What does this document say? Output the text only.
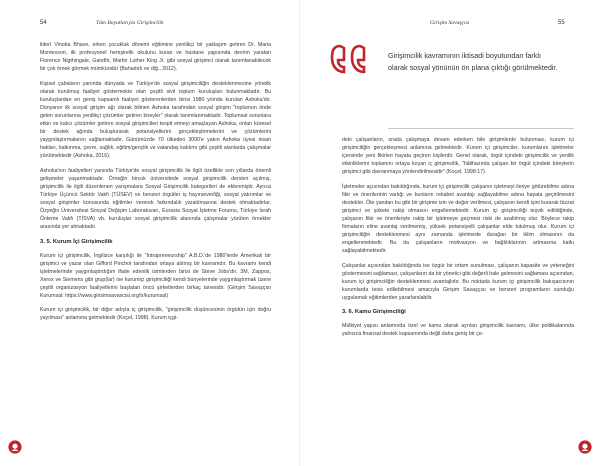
54	Tüm Boyutlarıyla Girişimcilik

liderí Vinoba Bhave, erken çocukluk dönemi eğitimine yenilikçi bir yaklaşım getiren Dr. Maria Montessori, ilk profesyonel hemşirelik okulunu kuran ve hastane yapısında devrim yaratan Florence Nigthingale, Gandhi, Martin Luther King Jr. gibi sosyal girişimci olarak tanımlanabilecek bir çok örnek görmek mümkündür (Bahadırlı ve diğ., 2012).

Kişisel çabaların yanında dünyada ve Türkiye'de sosyal girişimciliğin desteklenmesine yönelik olarak kurulmuş faaliyet göstermekte olan çeşitli sivil toplum kuruluşları bulunmaktadır. Bu kuruluşlardan en geniş kapsamlı faaliyet gösterenlerden birisi 1980 yılında kurulan Ashoka'dır. Dünyanın ilk sosyal girişim ağı olarak bilinen Ashoka tarafından sosyal girişim "toplumun önde gelen sorunlarına yenilikçi çözümler getiren bireyler" olarak tanımlanmaktadır. Toplumsal sorunlara etkin ve kalıcı çözümler getiren sosyal girişimcileri tespit etmeyi amaçlayan Ashoka, onları küresel bir destek ağında buluşturarak potansiyellerini gerçekleştirmelerini ve çözümlerini yaygınlaştırmalarını sağlamaktadır. Günümüzde 70 ülkeden 3000'e yakın Ashoka üyesi insan hakları, katkınma, çevre, sağlık, eğitim/gençlik ve vatandaş katılımı gibi çeşitli alanlarda çalışmalar yürütmektedir (Ashoka, 2016).

Ashoka'nın faaliyetleri yanında Türkiye'de sosyal girişimcilik ile ilgili özellikle son yıllarda önemli gelişmeler yaşanmaktadır. Örneğin bircok üniversitede sosyal girişimcilik dersleri açılmış, girişimcilik ile ilgili düzenlenen yarışmalara Sosyal Girişimcilik kategorileri de eklenmiştir. Ayrıca Türkiye Üçüncü Sektör Vakfı (TÜSEV) ve benzeri örgütler iş hayırseverliği, sosyal yatırımlar ve sosyal girişimler konusunda eğitimler vererek farkındalık yaratılmasına destek olmaktadırlar. Özyeğin Üniversitesi Sosyal Değişim Laboratuvarı, Eurasia Sosyal İşletme Forumu, Türkiye İsrafı Önleme Vakfı (TİSVA) vb. kuruluşlar sosyal girişimcilik alanında çalışmalar yürüten örnekler arasında yer almaktadır.

3. 5. Kurum İçi Girişimcilik

Kurum içi girişimcilik, İngilizce karşılığı ile "Intrapreneurship" A.B.D.'de 1980'lerde Amerikalı bir girişimci ve yazar olan Gifford Pinchot tarafından ortaya atılmış bir kavramdır. Bu kavramı kendi işletmelerinde yaygınlaştırdığım ifade edenilk isimlerden birisi de Steve Jobs'dır. 3M, Zappos, Xerox ve Siemens gibi grup(lar) ise kurumiçi girişimciliği kendi bünyelerinde yaygınlaştırmak üzere çeşitli organizasyon faaliyetlerini başlatan öncü şirketlerden birkaç tanesidir. (Girişim Savaşçısı Kurumsal: https://www.girisimsavascisi.org/tr/kurumsal)

Kurum içi girişimcilik, bir diğer adıyla iç girişimcilik, "girişimcilik düşüncesinin örgütün için doğru yayılması" anlamına gelmektedir (Koçel, 1998). Kurum içgi-

Girişim Savaşçısı	55
Girişimcilik kavramının iktisadi boyutundan farklı olarak sosyal yönünün ön plana çıktığı görülmektedir.

deki çalışanların, orada çalışmaya devam ederken bile girişimlerde bulunması, kurum içi girişimciliğin gerçekleşmesi anlamına gelmektedir. Kurum içi girişimciler, kurumlarını işletmeler içersinde yeni fikirleri hayata geçiren kişilerdir. Genel olarak, örgüt içindeki girişimcilik ve yenilik etkinliklerini toplamını ortaya koyan iç girişimcilik, "hâlihazırda çalışan bir örgüt içindeki bireylerin girişimci gibi davranmaya yönlendirilmesidir" (Koçel, 1998:17).

İşletmeler açısından bakıldığında, kurum içi girişimcilik çalışanın işletmeyi ileriye götürebilme adına fikir ve önerilerinin varlığı ve bunların rekabet avantajı sağlayabilme adına hayata geçirilmesini destekler. Öte yandan bu gibi bir girişime izin ve değer verilmesi, çalışanın kendi işini kurarak bizzat girişimci ve şirkete rakip olmasını engellemektedir. Kurum içi girişimciliği teşvik edildiğinde, çalışanın fikir ve önerileriyle rakip bir işletmeye geçmesi riski de azaltılmış olur. Böylece rakip firmaların eline avantaj verilmemiş, yüksek potansiyelli çalışanlar elde tutulmuş olur. Kurum içi girişimciliğin desteklenmesi aynı zamanda işletmede durağan bir iklim olmasının da engellenmektedir. Bu da çalışanların motivasyon ve bağlılıklarının artmasına katkı sağlayabilmektedir.

Çalışanlar açısından bakıldığında ise özgür bir ortam sunulması, çalışanın kapasite ve yeteneğini göstermesini sağlaması, çalışanların da bir yönetici gibi değerli hale gelmesini sağlaması açısından, kurum içi girişimciliğin desteklenmesi avantajlıdır. Bu noktada kurum içi girişimcilik bakışacısının kurumlarda tesis edilebilmesi amacıyla Girişim Savaşçısı ve benzeri programların sunduğu uygulamalı eğitimlerden yararlanılabilir.

3. 6. Kamu Girişimciliği

Mülkiyet yapısı anlamında özel ve kamu olarak ayrılan girişimcilik kavramı, ülke politikalarında yalnızca finansal destek kapsamında değil daha geniş bir çe-
